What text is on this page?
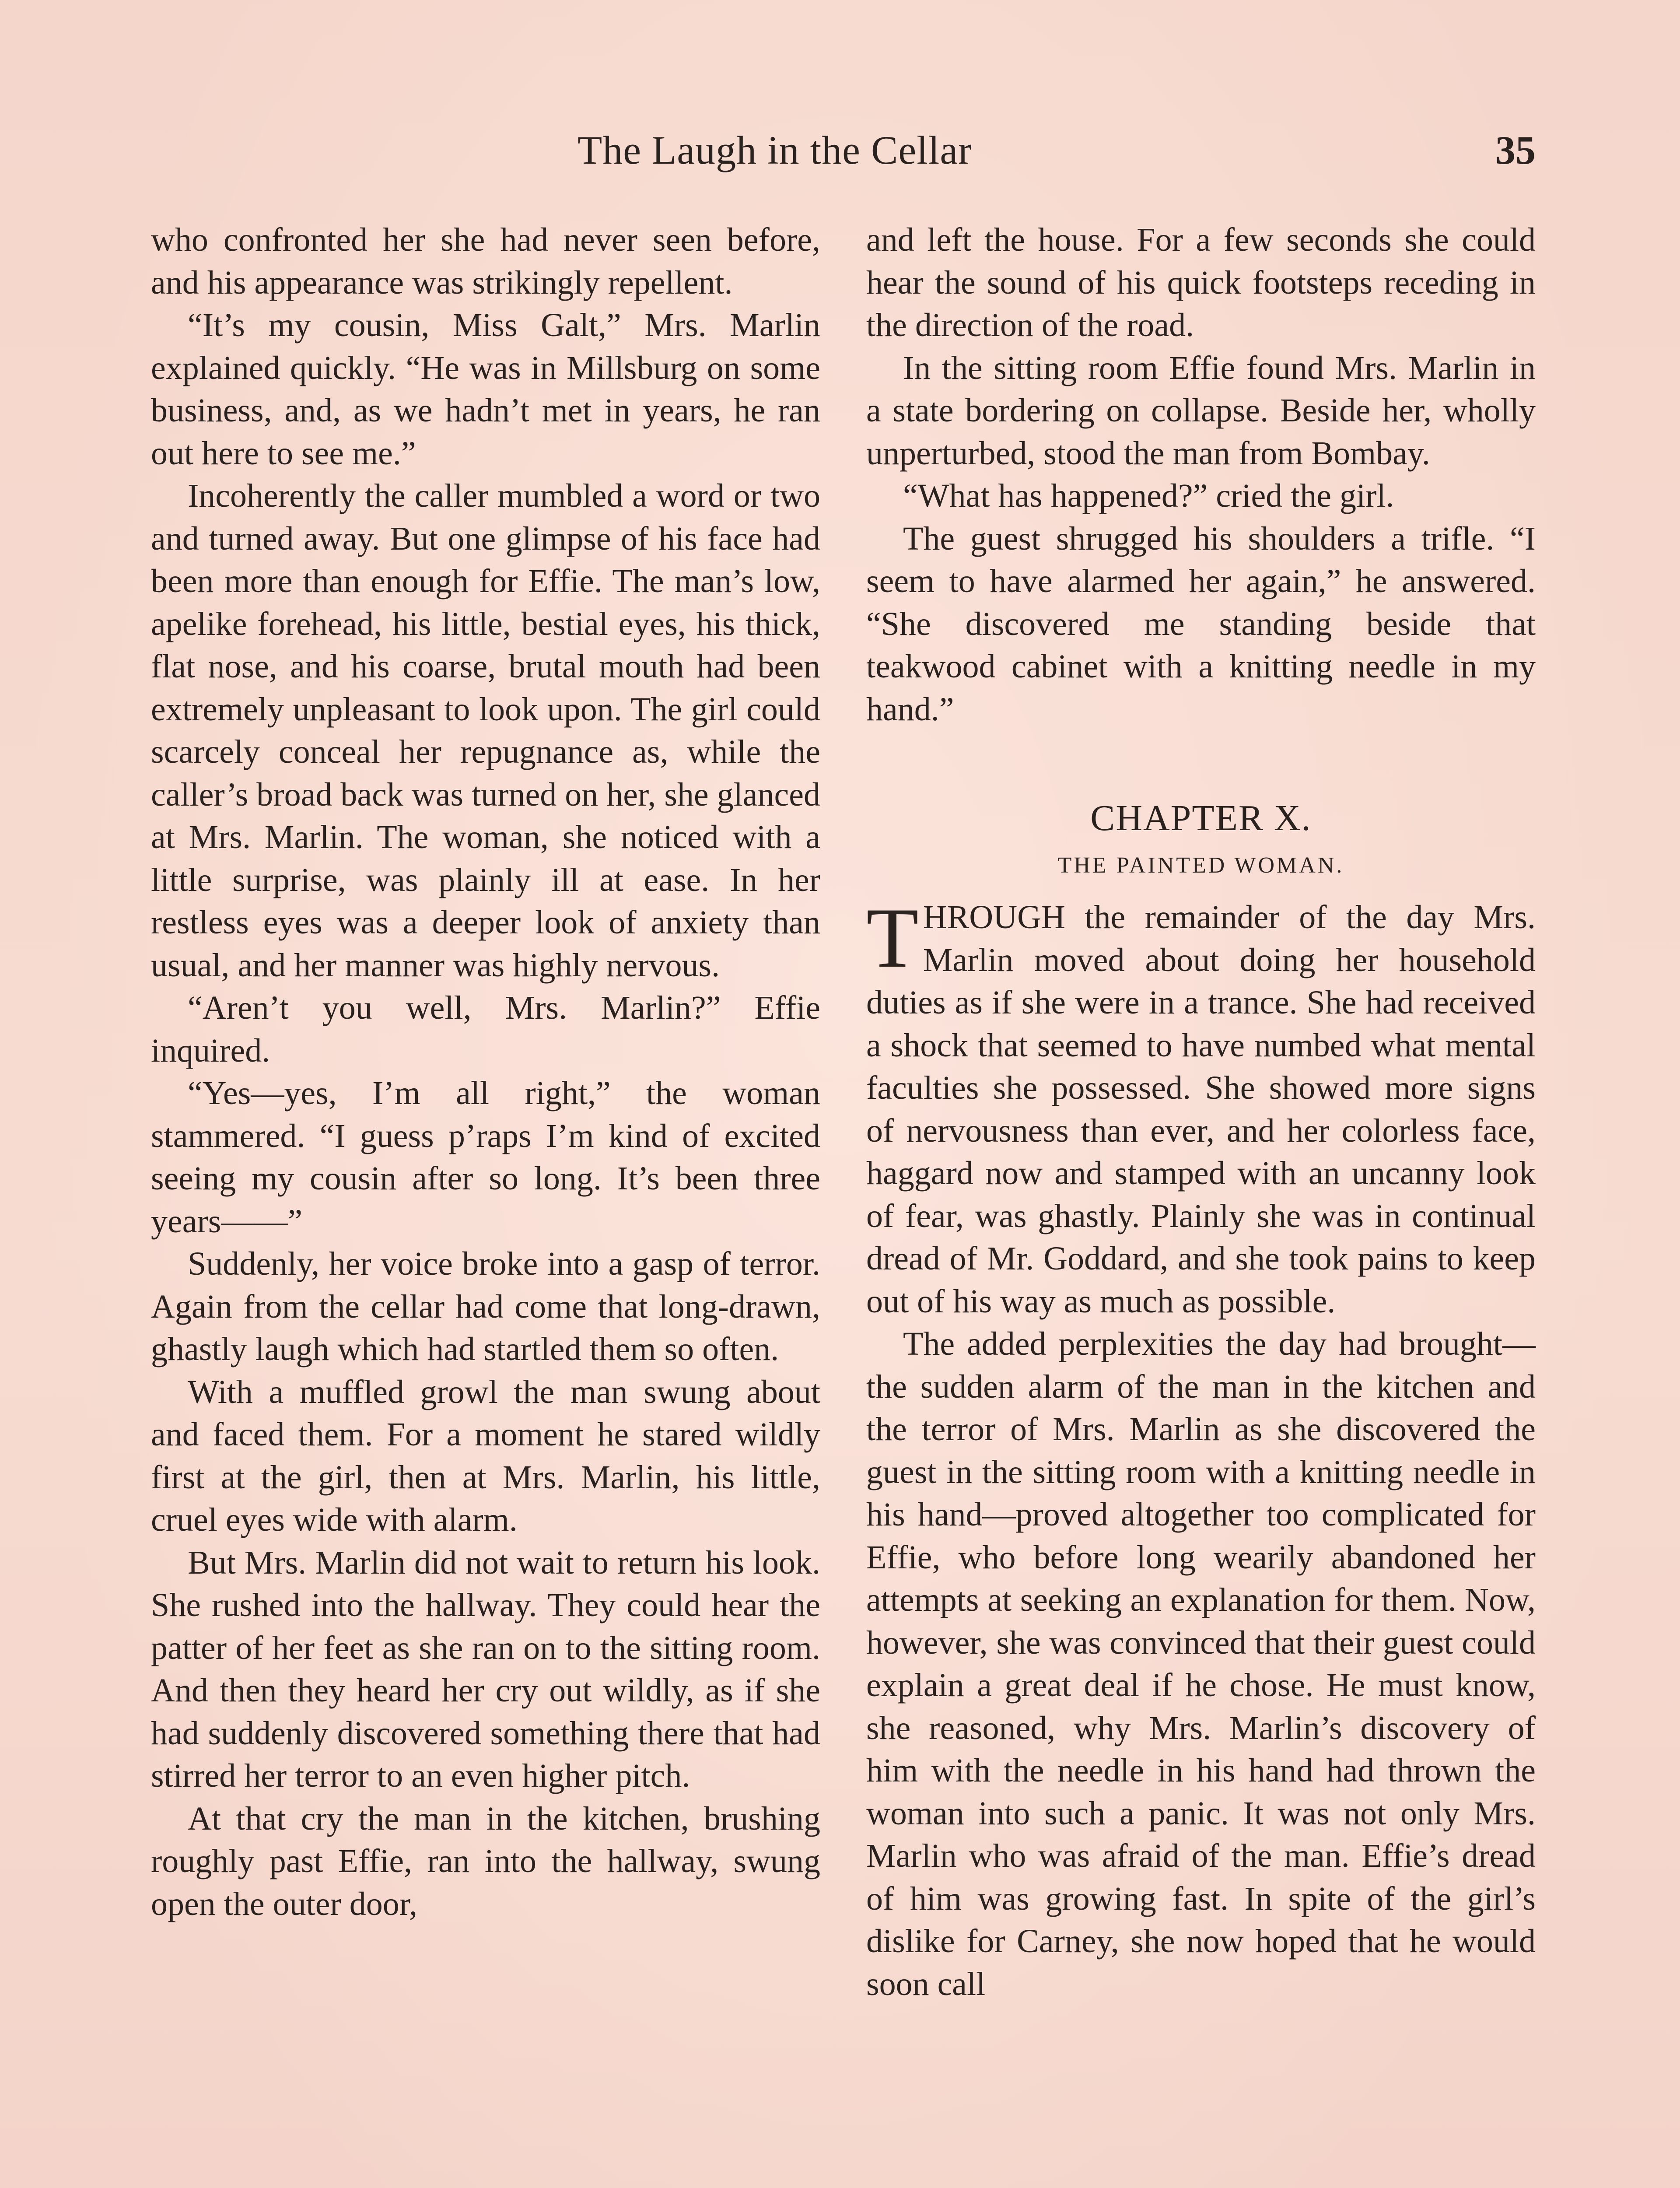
The Laugh in the Cellar	35

who confronted her she had never seen before, and his appearance was strikingly repellent.

“It’s my cousin, Miss Galt,” Mrs. Marlin explained quickly. “He was in Millsburg on some business, and, as we hadn’t met in years, he ran out here to see me.”

Incoherently the caller mumbled a word or two and turned away. But one glimpse of his face had been more than enough for Effie. The man’s low, apelike forehead, his little, bestial eyes, his thick, flat nose, and his coarse, brutal mouth had been extremely unpleasant to look upon. The girl could scarcely conceal her repugnance as, while the caller’s broad back was turned on her, she glanced at Mrs. Marlin. The woman, she noticed with a little surprise, was plainly ill at ease. In her restless eyes was a deeper look of anxiety than usual, and her manner was highly nervous.

“Aren’t you well, Mrs. Marlin?” Effie inquired.

“Yes—yes, I’m all right,” the woman stammered. “I guess p’raps I’m kind of excited seeing my cousin after so long. It’s been three years——”

Suddenly, her voice broke into a gasp of terror. Again from the cellar had come that long-drawn, ghastly laugh which had startled them so often.

With a muffled growl the man swung about and faced them. For a moment he stared wildly first at the girl, then at Mrs. Marlin, his little, cruel eyes wide with alarm.

But Mrs. Marlin did not wait to return his look. She rushed into the hallway. They could hear the patter of her feet as she ran on to the sitting room. And then they heard her cry out wildly, as if she had suddenly discovered something there that had stirred her terror to an even higher pitch.

At that cry the man in the kitchen, brushing roughly past Effie, ran into the hallway, swung open the outer door,

and left the house. For a few seconds she could hear the sound of his quick footsteps receding in the direction of the road.

In the sitting room Effie found Mrs. Marlin in a state bordering on collapse. Beside her, wholly unperturbed, stood the man from Bombay.

“What has happened?” cried the girl.

The guest shrugged his shoulders a trifle. “I seem to have alarmed her again,” he answered. “She discovered me standing beside that teakwood cabinet with a knitting needle in my hand.”

CHAPTER X.
THE PAINTED WOMAN.

THROUGH the remainder of the day Mrs. Marlin moved about doing her household duties as if she were in a trance. She had received a shock that seemed to have numbed what mental faculties she possessed. She showed more signs of nervousness than ever, and her colorless face, haggard now and stamped with an uncanny look of fear, was ghastly. Plainly she was in continual dread of Mr. Goddard, and she took pains to keep out of his way as much as possible.

The added perplexities the day had brought—the sudden alarm of the man in the kitchen and the terror of Mrs. Marlin as she discovered the guest in the sitting room with a knitting needle in his hand—proved altogether too complicated for Effie, who before long wearily abandoned her attempts at seeking an explanation for them. Now, however, she was convinced that their guest could explain a great deal if he chose. He must know, she reasoned, why Mrs. Marlin’s discovery of him with the needle in his hand had thrown the woman into such a panic. It was not only Mrs. Marlin who was afraid of the man. Effie’s dread of him was growing fast. In spite of the girl’s dislike for Carney, she now hoped that he would soon call
